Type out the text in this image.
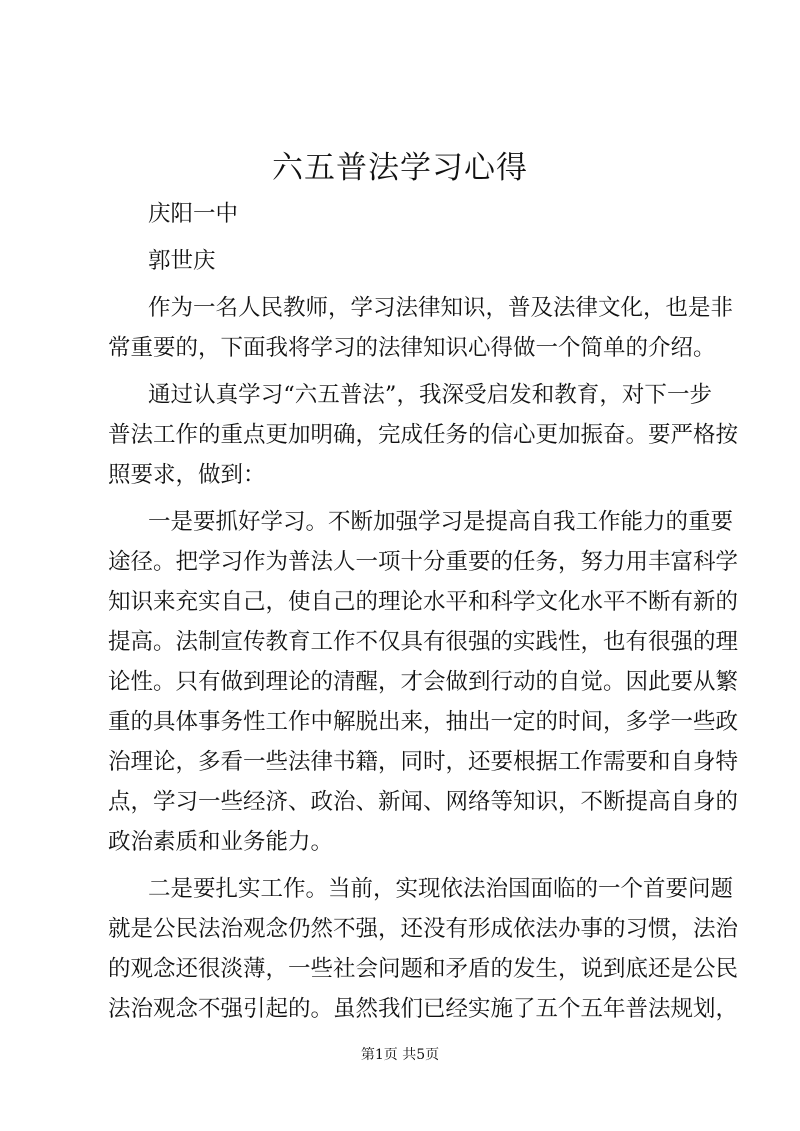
六五普法学习心得
庆阳一中
郭世庆
作为一名人民教师，学习法律知识，普及法律文化，也是非
常重要的，下面我将学习的法律知识心得做一个简单的介绍。
通过认真学习“六五普法”，我深受启发和教育，对下一步
普法工作的重点更加明确，完成任务的信心更加振奋。要严格按
照要求，做到：
一是要抓好学习。不断加强学习是提高自我工作能力的重要
途径。把学习作为普法人一项十分重要的任务，努力用丰富科学
知识来充实自己，使自己的理论水平和科学文化水平不断有新的
提高。法制宣传教育工作不仅具有很强的实践性，也有很强的理
论性。只有做到理论的清醒，才会做到行动的自觉。因此要从繁
重的具体事务性工作中解脱出来，抽出一定的时间，多学一些政
治理论，多看一些法律书籍，同时，还要根据工作需要和自身特
点，学习一些经济、政治、新闻、网络等知识，不断提高自身的
政治素质和业务能力。
二是要扎实工作。当前，实现依法治国面临的一个首要问题
就是公民法治观念仍然不强，还没有形成依法办事的习惯，法治
的观念还很淡薄，一些社会问题和矛盾的发生，说到底还是公民
法治观念不强引起的。虽然我们已经实施了五个五年普法规划，
第1页 共5页
